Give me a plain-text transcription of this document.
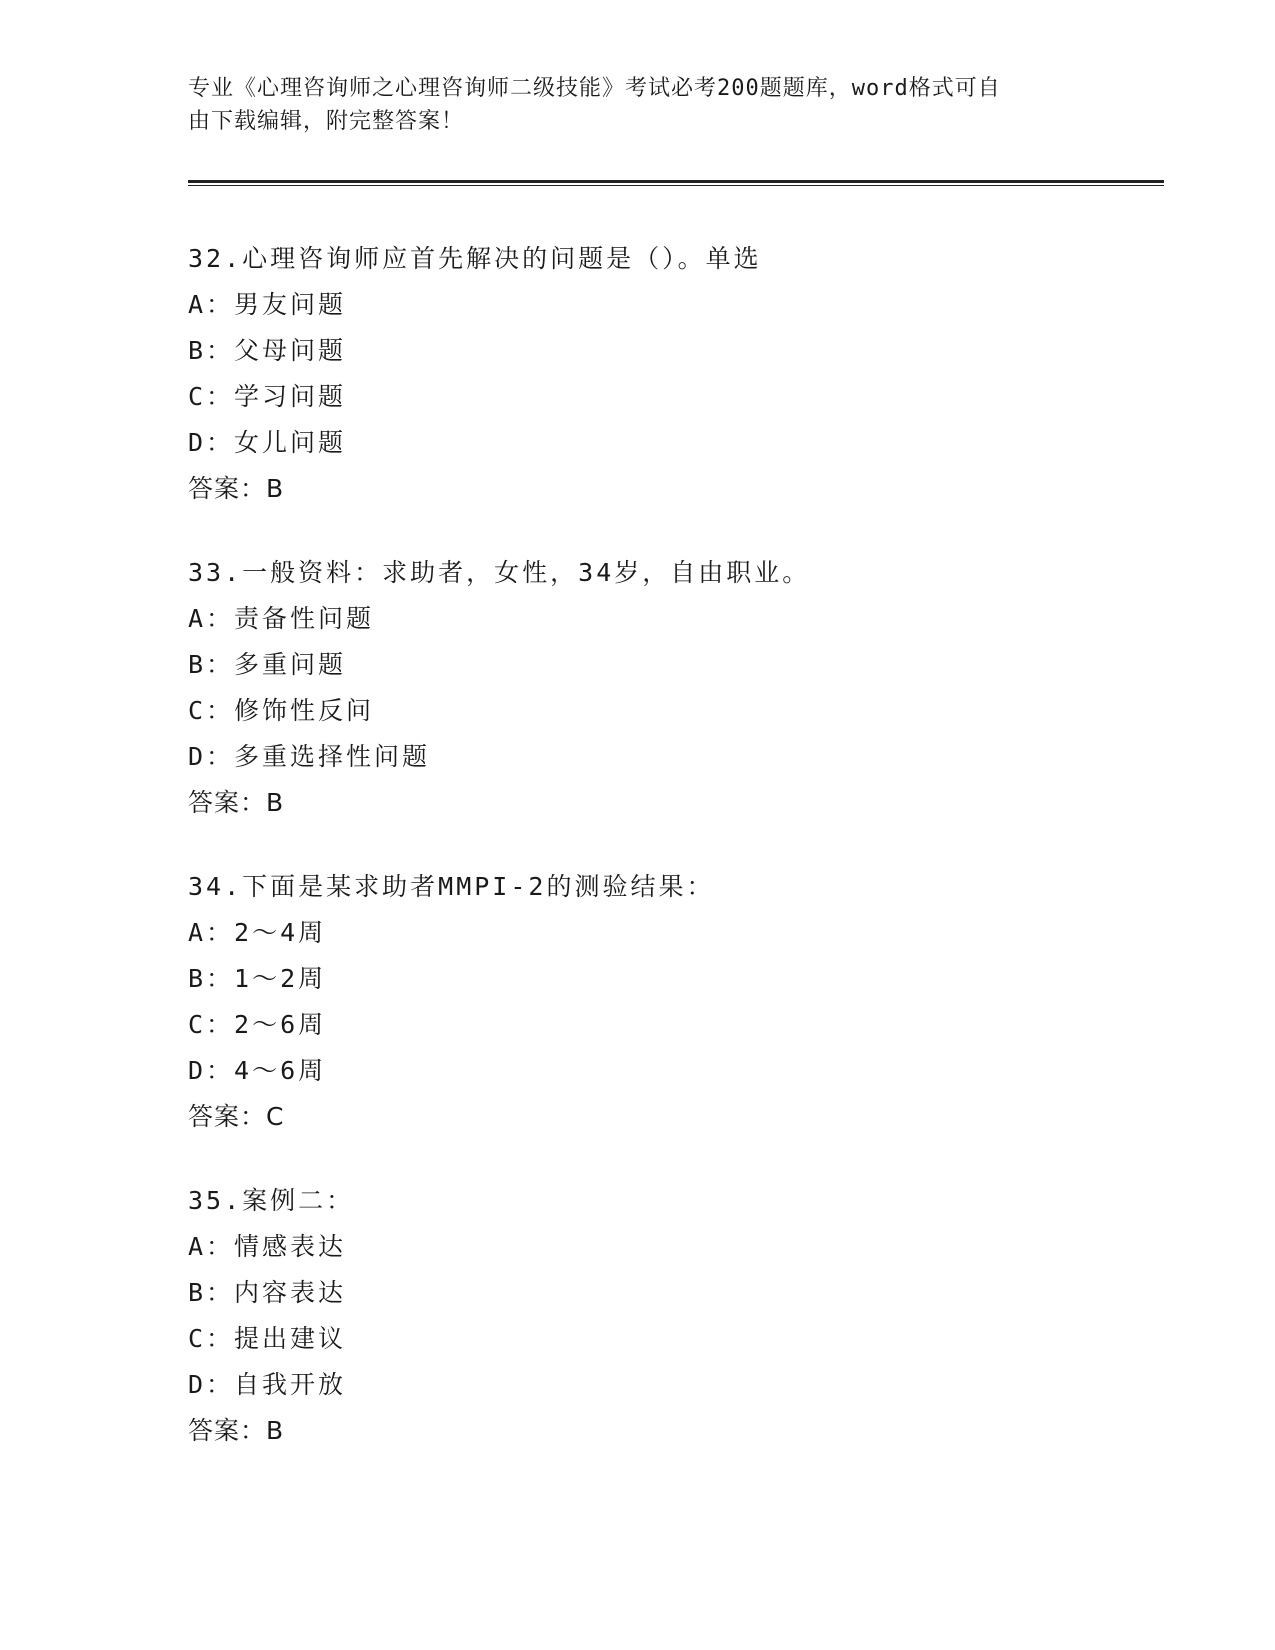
专业《心理咨询师之心理咨询师二级技能》考试必考200题题库，word格式可自
由下载编辑，附完整答案！
32.心理咨询师应首先解决的问题是（）。单选
A：男友问题
B：父母问题
C：学习问题
D：女儿问题
答案：B
33.一般资料：求助者，女性，34岁，自由职业。
A：责备性问题
B：多重问题
C：修饰性反问
D：多重选择性问题
答案：B
34.下面是某求助者MMPI-2的测验结果：
A：2～4周
B：1～2周
C：2～6周
D：4～6周
答案：C
35.案例二：
A：情感表达
B：内容表达
C：提出建议
D：自我开放
答案：B
